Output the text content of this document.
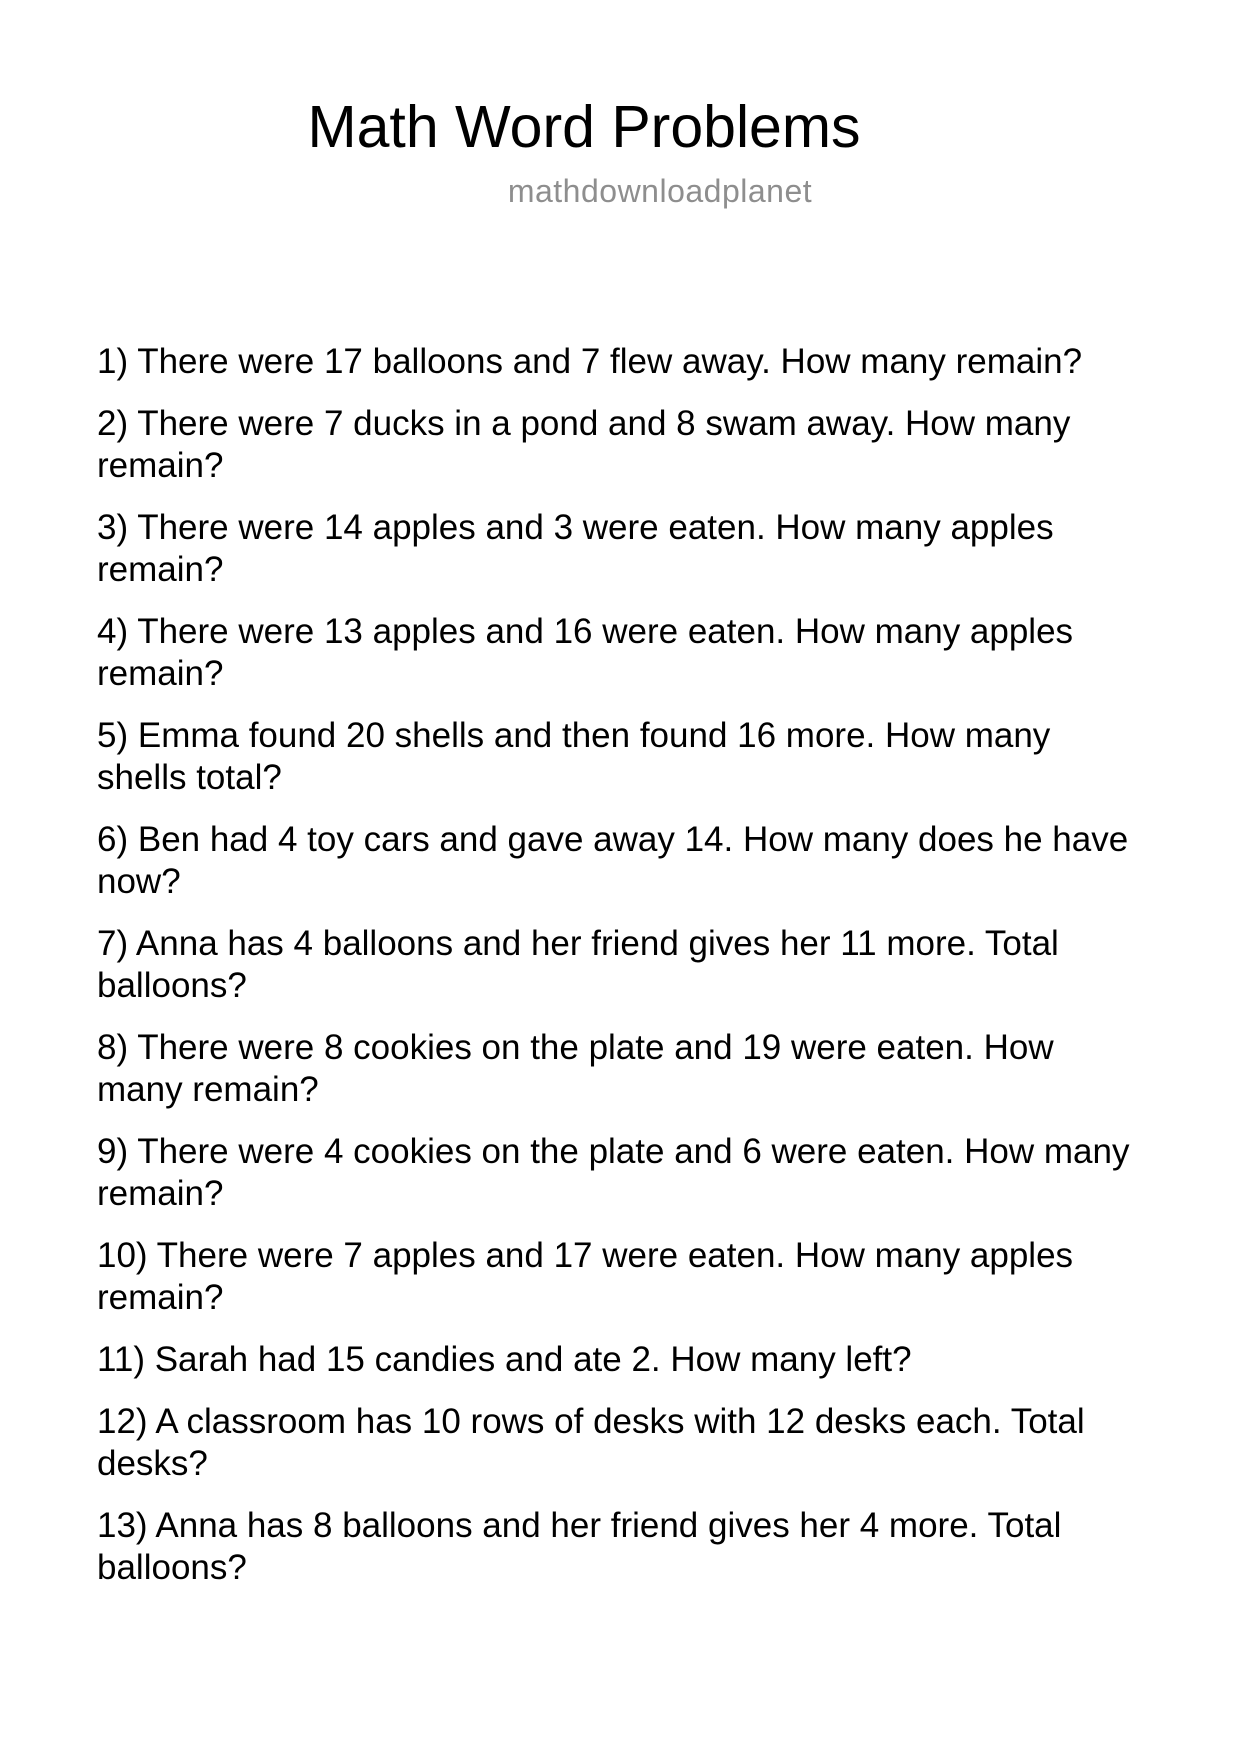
Math Word Problems
mathdownloadplanet
1) There were 17 balloons and 7 flew away. How many remain?
2) There were 7 ducks in a pond and 8 swam away. How many
remain?
3) There were 14 apples and 3 were eaten. How many apples
remain?
4) There were 13 apples and 16 were eaten. How many apples
remain?
5) Emma found 20 shells and then found 16 more. How many
shells total?
6) Ben had 4 toy cars and gave away 14. How many does he have
now?
7) Anna has 4 balloons and her friend gives her 11 more. Total
balloons?
8) There were 8 cookies on the plate and 19 were eaten. How
many remain?
9) There were 4 cookies on the plate and 6 were eaten. How many
remain?
10) There were 7 apples and 17 were eaten. How many apples
remain?
11) Sarah had 15 candies and ate 2. How many left?
12) A classroom has 10 rows of desks with 12 desks each. Total
desks?
13) Anna has 8 balloons and her friend gives her 4 more. Total
balloons?
